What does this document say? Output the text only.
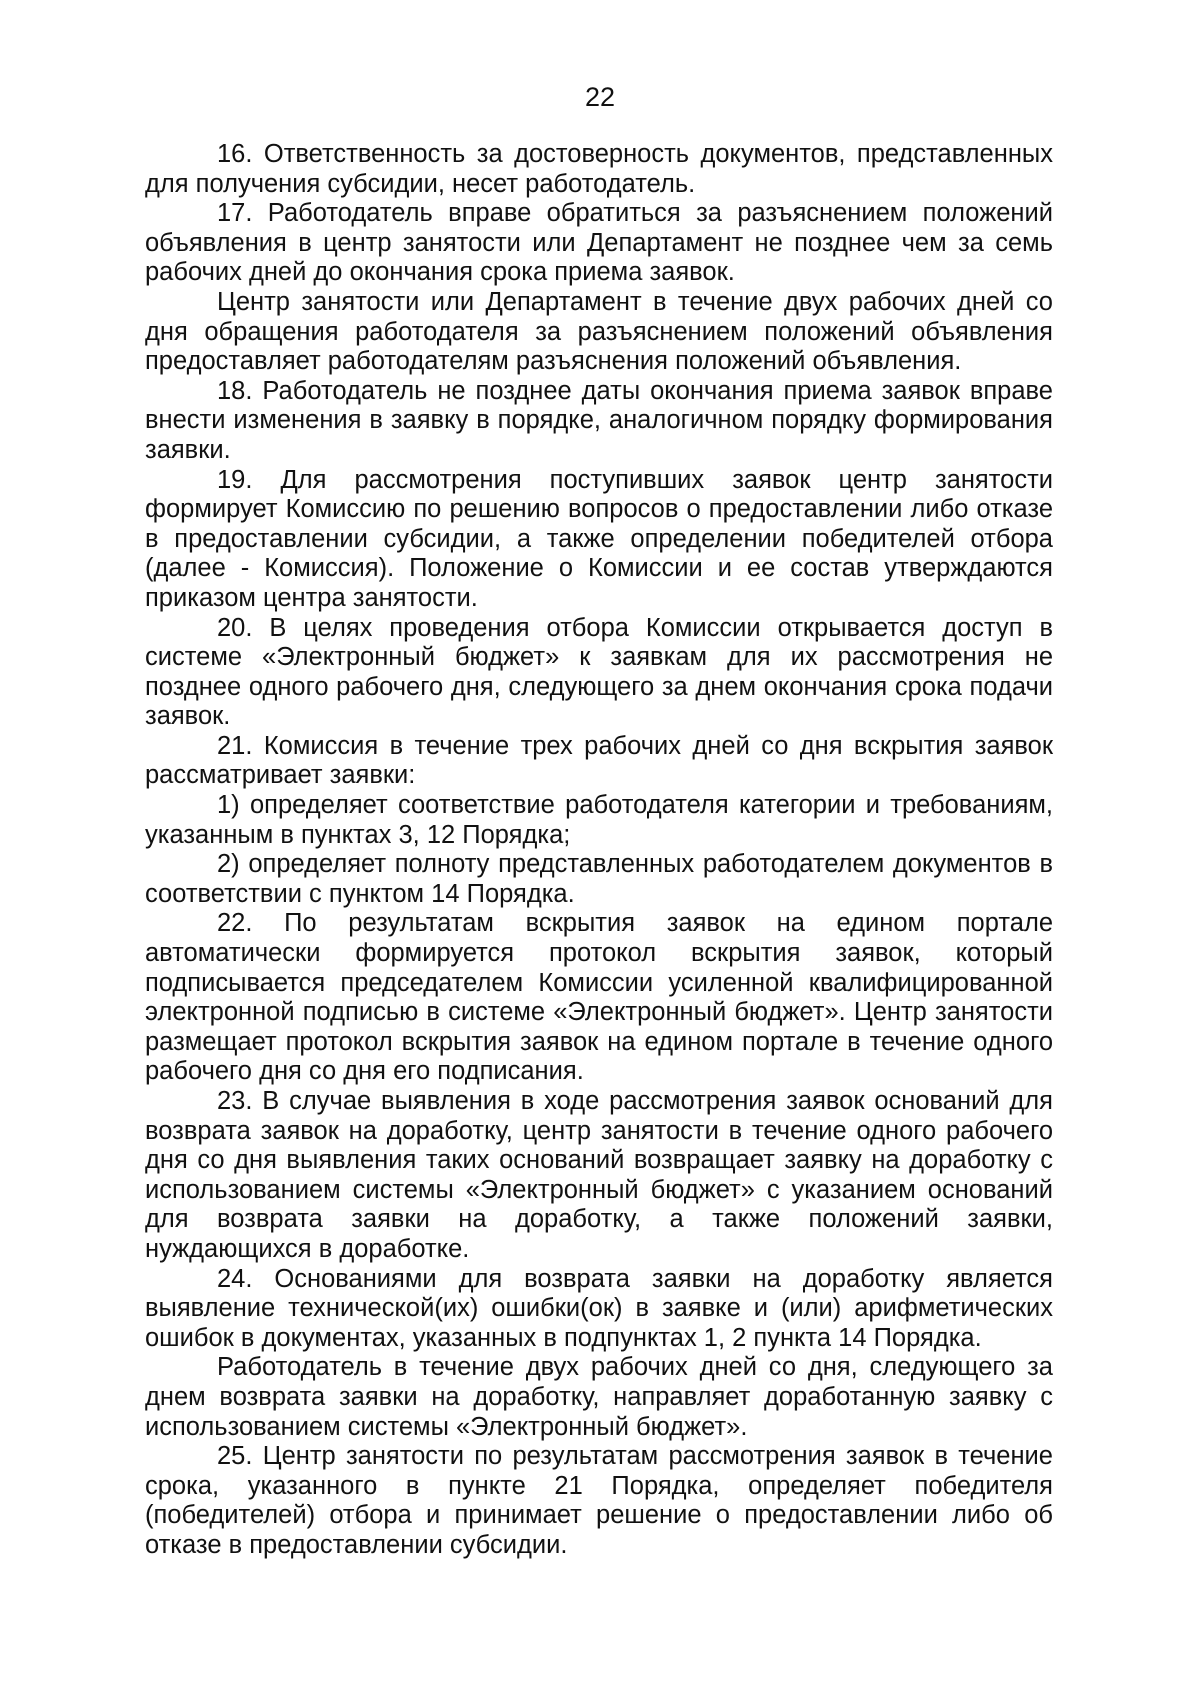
22

16. Ответственность за достоверность документов, представленных для получения субсидии, несет работодатель.

17. Работодатель вправе обратиться за разъяснением положений объявления в центр занятости или Департамент не позднее чем за семь рабочих дней до окончания срока приема заявок.

Центр занятости или Департамент в течение двух рабочих дней со дня обращения работодателя за разъяснением положений объявления предоставляет работодателям разъяснения положений объявления.

18. Работодатель не позднее даты окончания приема заявок вправе внести изменения в заявку в порядке, аналогичном порядку формирования заявки.

19. Для рассмотрения поступивших заявок центр занятости формирует Комиссию по решению вопросов о предоставлении либо отказе в предоставлении субсидии, а также определении победителей отбора (далее - Комиссия). Положение о Комиссии и ее состав утверждаются приказом центра занятости.

20. В целях проведения отбора Комиссии открывается доступ в системе «Электронный бюджет» к заявкам для их рассмотрения не позднее одного рабочего дня, следующего за днем окончания срока подачи заявок.

21. Комиссия в течение трех рабочих дней со дня вскрытия заявок рассматривает заявки:

1) определяет соответствие работодателя категории и требованиям, указанным в пунктах 3, 12 Порядка;

2) определяет полноту представленных работодателем документов в соответствии с пунктом 14 Порядка.

22. По результатам вскрытия заявок на едином портале автоматически формируется протокол вскрытия заявок, который подписывается председателем Комиссии усиленной квалифицированной электронной подписью в системе «Электронный бюджет». Центр занятости размещает протокол вскрытия заявок на едином портале в течение одного рабочего дня со дня его подписания.

23. В случае выявления в ходе рассмотрения заявок оснований для возврата заявок на доработку, центр занятости в течение одного рабочего дня со дня выявления таких оснований возвращает заявку на доработку с использованием системы «Электронный бюджет» с указанием оснований для возврата заявки на доработку, а также положений заявки, нуждающихся в доработке.

24. Основаниями для возврата заявки на доработку является выявление технической(их) ошибки(ок) в заявке и (или) арифметических ошибок в документах, указанных в подпунктах 1, 2 пункта 14 Порядка.

Работодатель в течение двух рабочих дней со дня, следующего за днем возврата заявки на доработку, направляет доработанную заявку с использованием системы «Электронный бюджет».

25. Центр занятости по результатам рассмотрения заявок в течение срока, указанного в пункте 21 Порядка, определяет победителя (победителей) отбора и принимает решение о предоставлении либо об отказе в предоставлении субсидии.
